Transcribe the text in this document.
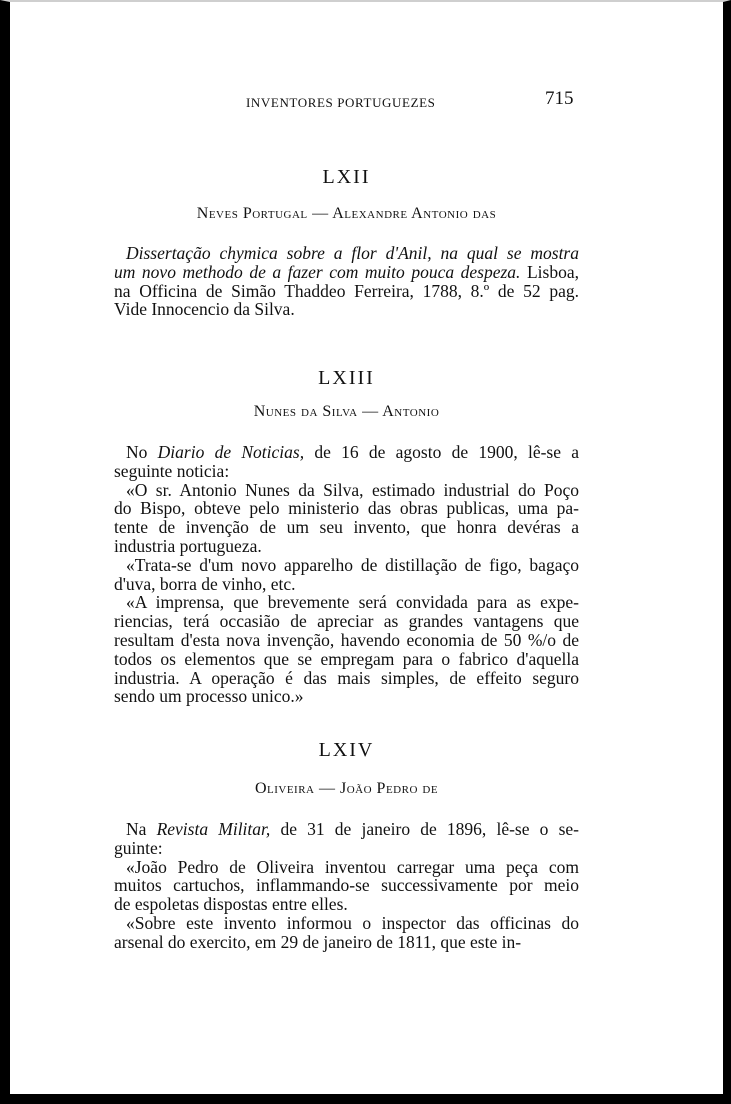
INVENTORES PORTUGUEZES	715
LXII
Neves Portugal — Alexandre Antonio das
Dissertação chymica sobre a flor d'Anil, na qual se mostra
um novo methodo de a fazer com muito pouca despeza. Lisboa,
na Officina de Simão Thaddeo Ferreira, 1788, 8.º de 52 pag.
Vide Innocencio da Silva.
LXIII
Nunes da Silva — Antonio
No Diario de Noticias, de 16 de agosto de 1900, lê-se a
seguinte noticia:
«O sr. Antonio Nunes da Silva, estimado industrial do Poço
do Bispo, obteve pelo ministerio das obras publicas, uma pa-
tente de invenção de um seu invento, que honra devéras a
industria portugueza.
«Trata-se d'um novo apparelho de distillação de figo, bagaço
d'uva, borra de vinho, etc.
«A imprensa, que brevemente será convidada para as expe-
riencias, terá occasião de apreciar as grandes vantagens que
resultam d'esta nova invenção, havendo economia de 50 %/o de
todos os elementos que se empregam para o fabrico d'aquella
industria. A operação é das mais simples, de effeito seguro
sendo um processo unico.»
LXIV
Oliveira — João Pedro de
Na Revista Militar, de 31 de janeiro de 1896, lê-se o se-
guinte:
«João Pedro de Oliveira inventou carregar uma peça com
muitos cartuchos, inflammando-se successivamente por meio
de espoletas dispostas entre elles.
«Sobre este invento informou o inspector das officinas do
arsenal do exercito, em 29 de janeiro de 1811, que este in-
